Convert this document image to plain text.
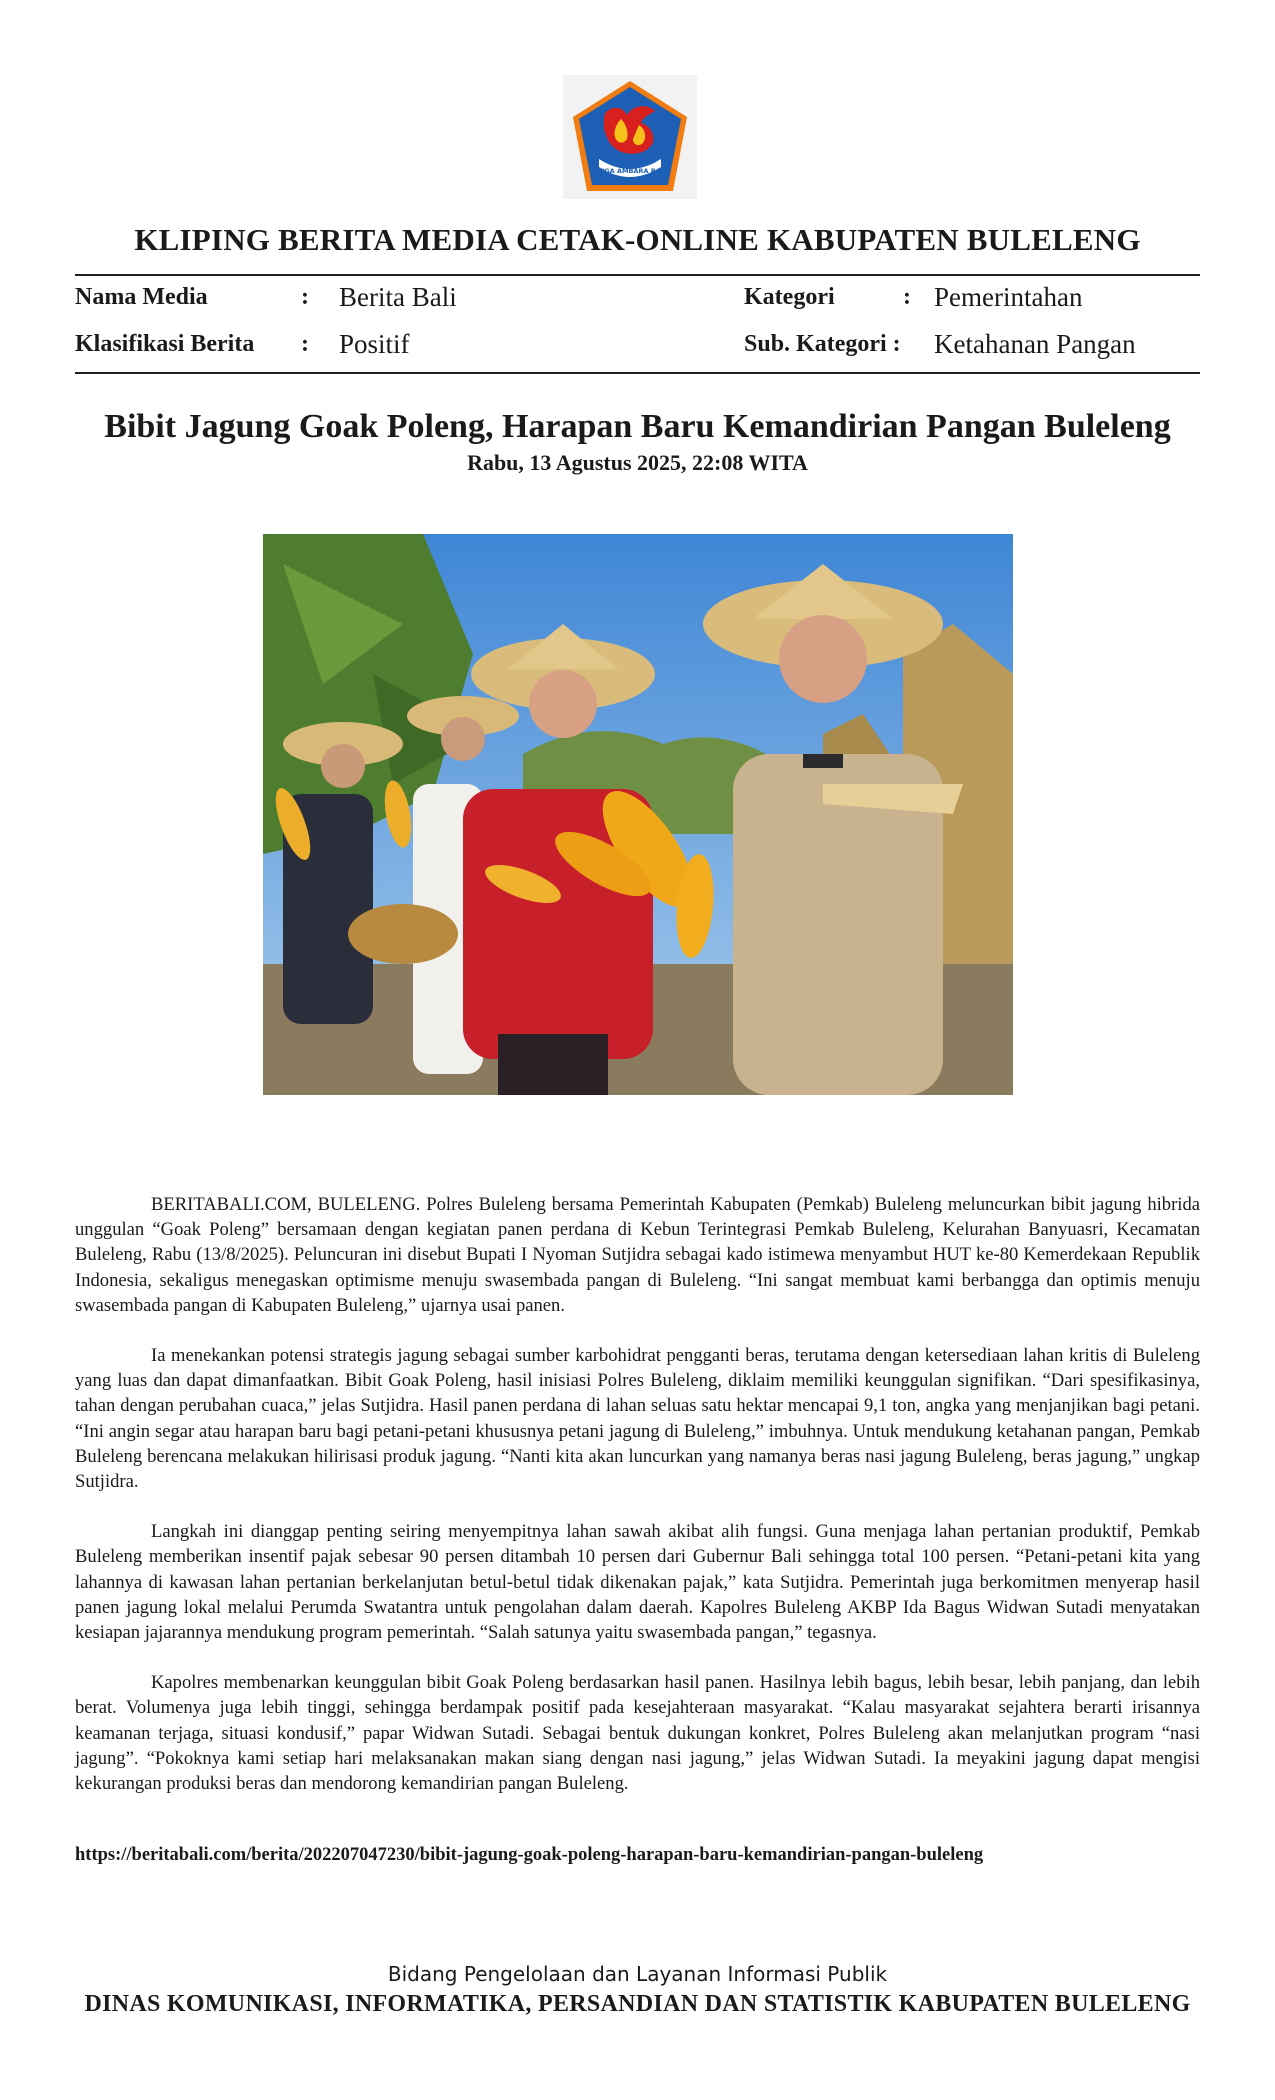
SINGA AMBARA RAJA
KLIPING BERITA MEDIA CETAK-ONLINE KABUPATEN BULELENG
Nama Media	: Berita Bali	Kategori	: Pemerintahan
Klasifikasi Berita : Positif	Sub. Kategori : Ketahanan Pangan
Bibit Jagung Goak Poleng, Harapan Baru Kemandirian Pangan Buleleng
Rabu, 13 Agustus 2025, 22:08 WITA

BERITABALI.COM, BULELENG. Polres Buleleng bersama Pemerintah Kabupaten (Pemkab) Buleleng meluncurkan bibit jagung hibrida unggulan “Goak Poleng” bersamaan dengan kegiatan panen perdana di Kebun Terintegrasi Pemkab Buleleng, Kelurahan Banyuasri, Kecamatan Buleleng, Rabu (13/8/2025). Peluncuran ini disebut Bupati I Nyoman Sutjidra sebagai kado istimewa menyambut HUT ke-80 Kemerdekaan Republik Indonesia, sekaligus menegaskan optimisme menuju swasembada pangan di Buleleng. “Ini sangat membuat kami berbangga dan optimis menuju swasembada pangan di Kabupaten Buleleng,” ujarnya usai panen.

Ia menekankan potensi strategis jagung sebagai sumber karbohidrat pengganti beras, terutama dengan ketersediaan lahan kritis di Buleleng yang luas dan dapat dimanfaatkan. Bibit Goak Poleng, hasil inisiasi Polres Buleleng, diklaim memiliki keunggulan signifikan. “Dari spesifikasinya, tahan dengan perubahan cuaca,” jelas Sutjidra. Hasil panen perdana di lahan seluas satu hektar mencapai 9,1 ton, angka yang menjanjikan bagi petani. “Ini angin segar atau harapan baru bagi petani-petani khususnya petani jagung di Buleleng,” imbuhnya. Untuk mendukung ketahanan pangan, Pemkab Buleleng berencana melakukan hilirisasi produk jagung. “Nanti kita akan luncurkan yang namanya beras nasi jagung Buleleng, beras jagung,” ungkap Sutjidra.

Langkah ini dianggap penting seiring menyempitnya lahan sawah akibat alih fungsi. Guna menjaga lahan pertanian produktif, Pemkab Buleleng memberikan insentif pajak sebesar 90 persen ditambah 10 persen dari Gubernur Bali sehingga total 100 persen. “Petani-petani kita yang lahannya di kawasan lahan pertanian berkelanjutan betul-betul tidak dikenakan pajak,” kata Sutjidra. Pemerintah juga berkomitmen menyerap hasil panen jagung lokal melalui Perumda Swatantra untuk pengolahan dalam daerah. Kapolres Buleleng AKBP Ida Bagus Widwan Sutadi menyatakan kesiapan jajarannya mendukung program pemerintah. “Salah satunya yaitu swasembada pangan,” tegasnya.

Kapolres membenarkan keunggulan bibit Goak Poleng berdasarkan hasil panen. Hasilnya lebih bagus, lebih besar, lebih panjang, dan lebih berat. Volumenya juga lebih tinggi, sehingga berdampak positif pada kesejahteraan masyarakat. “Kalau masyarakat sejahtera berarti irisannya keamanan terjaga, situasi kondusif,” papar Widwan Sutadi. Sebagai bentuk dukungan konkret, Polres Buleleng akan melanjutkan program “nasi jagung”. “Pokoknya kami setiap hari melaksanakan makan siang dengan nasi jagung,” jelas Widwan Sutadi. Ia meyakini jagung dapat mengisi kekurangan produksi beras dan mendorong kemandirian pangan Buleleng.

https://beritabali.com/berita/202207047230/bibit-jagung-goak-poleng-harapan-baru-kemandirian-pangan-buleleng
Bidang Pengelolaan dan Layanan Informasi Publik
DINAS KOMUNIKASI, INFORMATIKA, PERSANDIAN DAN STATISTIK KABUPATEN BULELENG
